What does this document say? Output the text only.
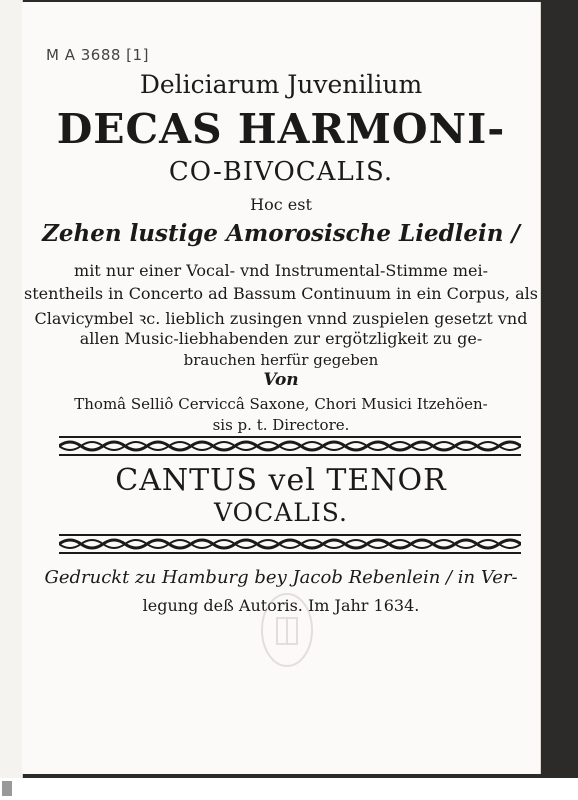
M A 3688 [1]
Deliciarum Juvenilium
DECAS HARMONI-
CO-BIVOCALIS.
Hoc est
Zehen lustige Amorosische Liedlein /
mit nur einer Vocal- vnd Instrumental-Stimme mei-
stentheils in Concerto ad Bassum Continuum in ein Corpus, als
Clavicymbel ꝛc. lieblich zusingen vnnd zuspielen gesetzt vnd
allen Music-liebhabenden zur ergötzligkeit zu ge-
brauchen herfür gegeben
Von
Thomâ Selliô Cerviccâ Saxone, Chori Musici Itzehöen-
sis p. t. Directore.
CANTUS vel TENOR
VOCALIS.
Gedruckt zu Hamburg bey Jacob Rebenlein / in Ver-
legung deß Autoris. Im Jahr 1634.
